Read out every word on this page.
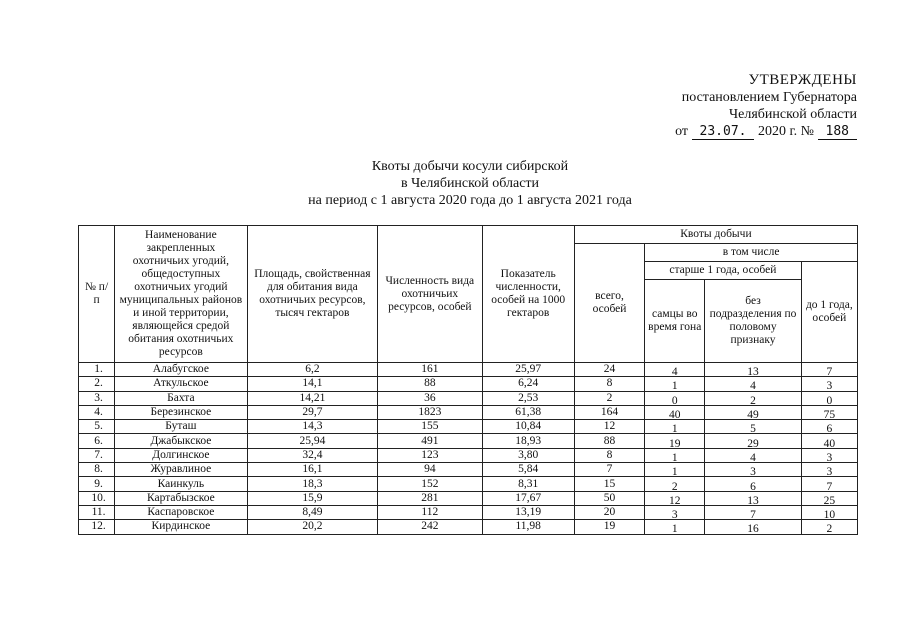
УТВЕРЖДЕНЫ
постановлением Губернатора
Челябинской области
от 23.07. 2020 г. № 188
Квоты добычи косули сибирской
в Челябинской области
на период с 1 августа 2020 года до 1 августа 2021 года
№ п/п	Наименование закрепленных охотничьих угодий, общедоступных охотничьих угодий муниципальных районов и иной территории, являющейся средой обитания охотничьих ресурсов	Площадь, свойственная для обитания вида охотничьих ресурсов, тысяч гектаров	Численность вида охотничьих ресурсов, особей	Показатель численности, особей на 1000 гектаров	Квоты добычи			
					всего, особей	в том числе		
						старше 1 года, особей		до 1 года, особей
						самцы во время гона	без подразделения по половому признаку	
1.	Алабугское	6,2	161	25,97	24	4	13	7
2.	Аткульское	14,1	88	6,24	8	1	4	3
3.	Бахта	14,21	36	2,53	2	0	2	0
4.	Березинское	29,7	1823	61,38	164	40	49	75
5.	Буташ	14,3	155	10,84	12	1	5	6
6.	Джабыкское	25,94	491	18,93	88	19	29	40
7.	Долгинское	32,4	123	3,80	8	1	4	3
8.	Журавлиное	16,1	94	5,84	7	1	3	3
9.	Каинкуль	18,3	152	8,31	15	2	6	7
10.	Картабызское	15,9	281	17,67	50	12	13	25
11.	Каспаровское	8,49	112	13,19	20	3	7	10
12.	Кирдинское	20,2	242	11,98	19	1	16	2
